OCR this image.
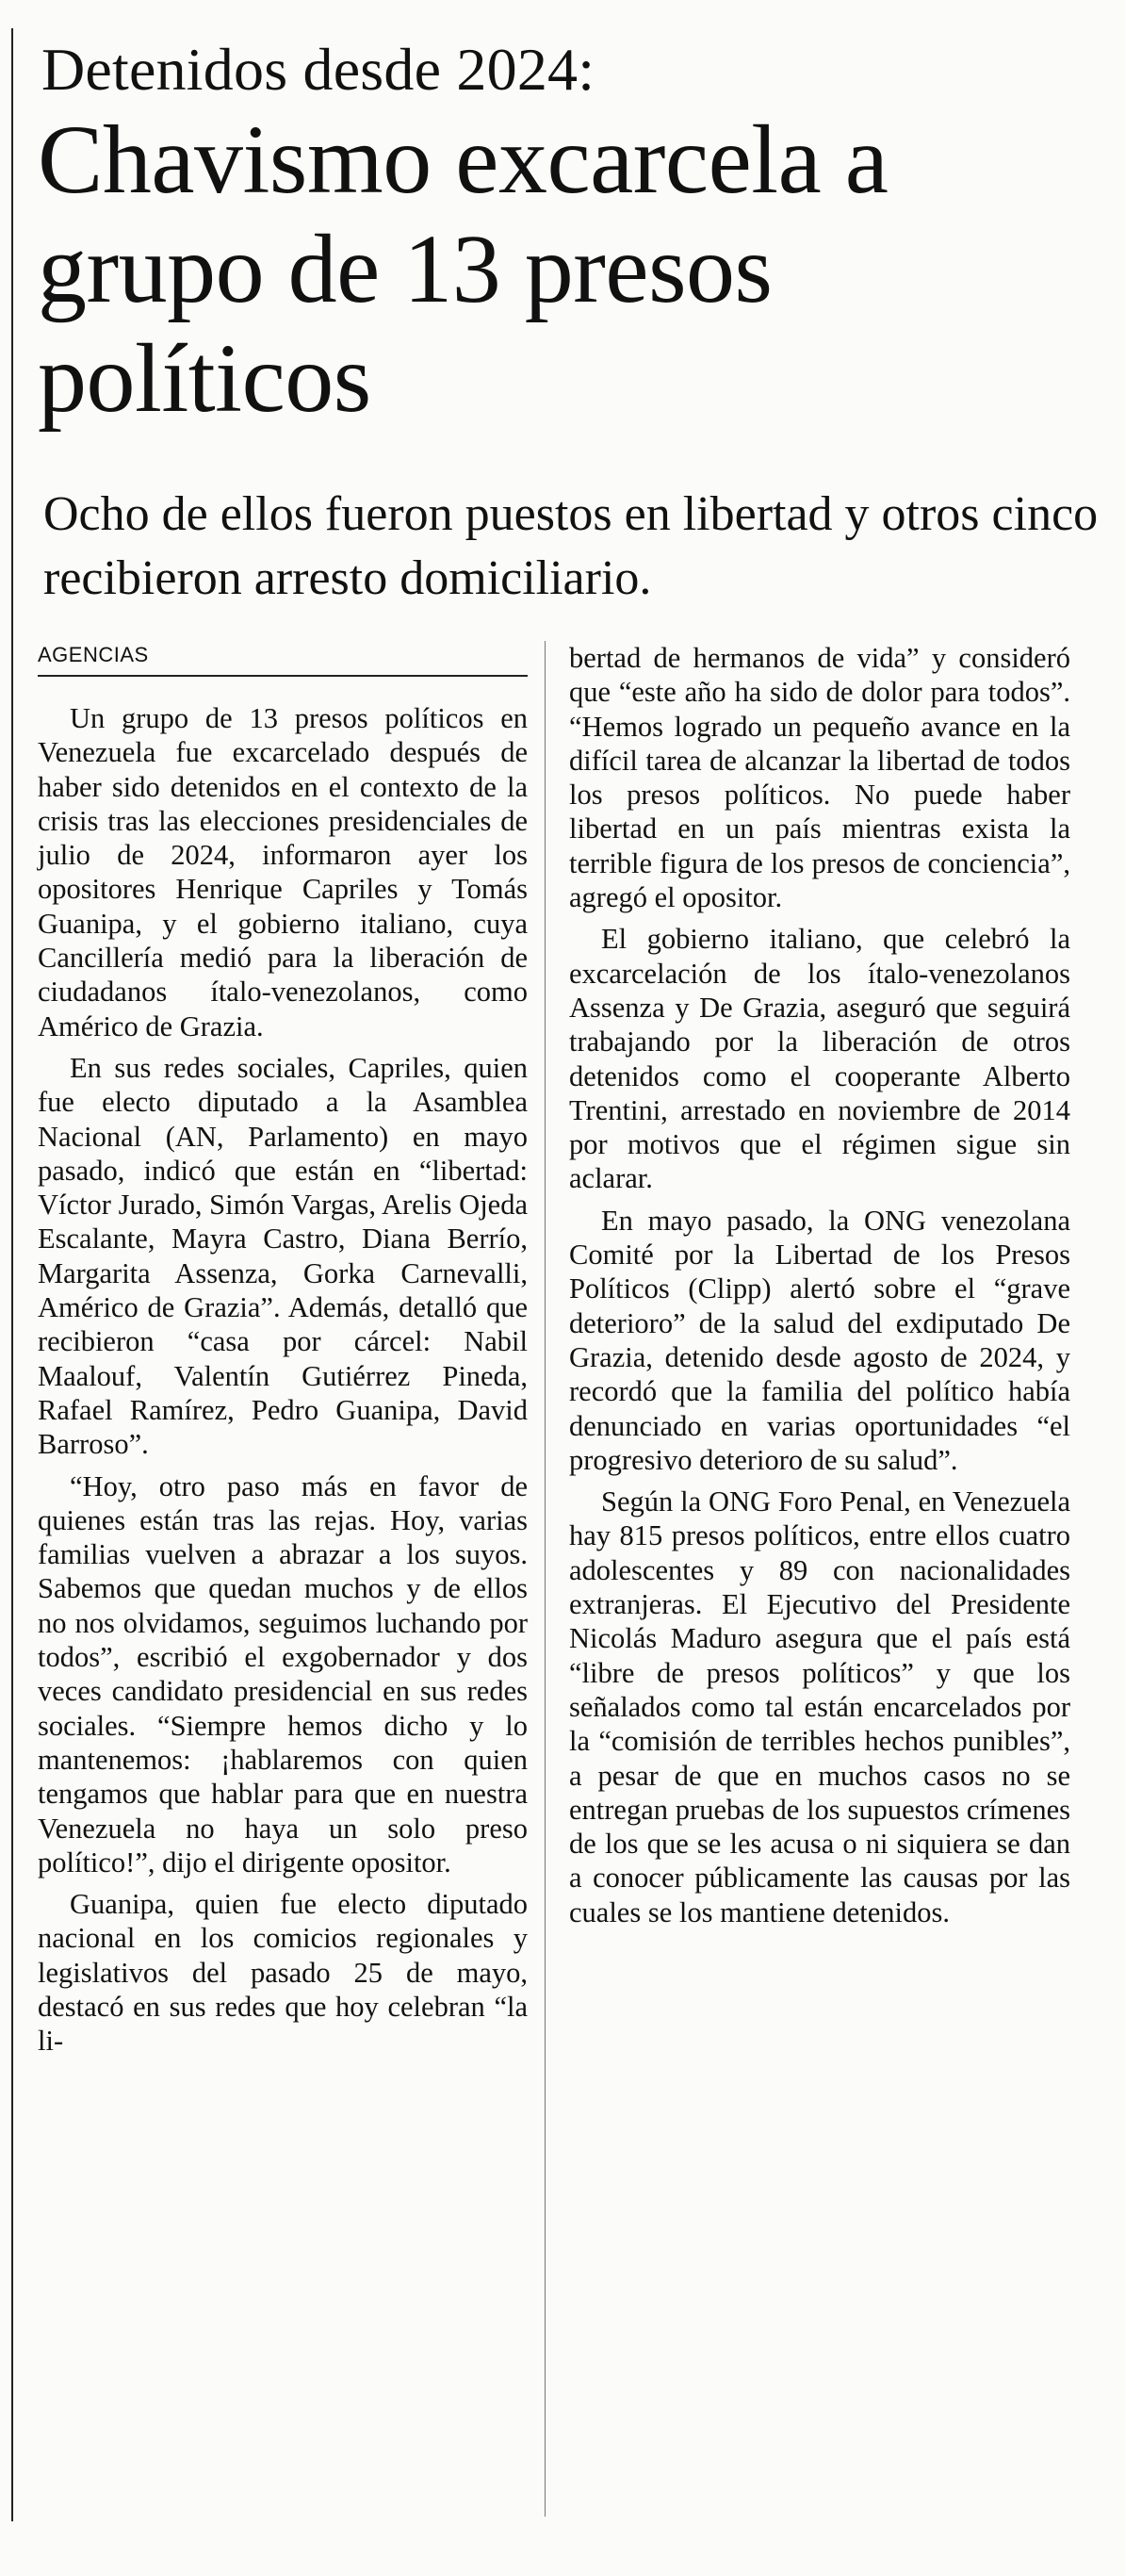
Detenidos desde 2024:
Chavismo excarcela a grupo de 13 presos políticos

Ocho de ellos fueron puestos en libertad y otros cinco recibieron arresto domiciliario.

AGENCIAS

Un grupo de 13 presos políticos en Venezuela fue excarcelado después de haber sido detenidos en el contexto de la crisis tras las elecciones presidenciales de julio de 2024, informaron ayer los opositores Henrique Capriles y Tomás Guanipa, y el gobierno italiano, cuya Cancillería medió para la liberación de ciudadanos ítalo-venezolanos, como Américo de Grazia.

En sus redes sociales, Capriles, quien fue electo diputado a la Asamblea Nacional (AN, Parlamento) en mayo pasado, indicó que están en “libertad: Víctor Jurado, Simón Vargas, Arelis Ojeda Escalante, Mayra Castro, Diana Berrío, Margarita Assenza, Gorka Carnevalli, Américo de Grazia”. Además, detalló que recibieron “casa por cárcel: Nabil Maalouf, Valentín Gutiérrez Pineda, Rafael Ramírez, Pedro Guanipa, David Barroso”.

“Hoy, otro paso más en favor de quienes están tras las rejas. Hoy, varias familias vuelven a abrazar a los suyos. Sabemos que quedan muchos y de ellos no nos olvidamos, seguimos luchando por todos”, escribió el exgobernador y dos veces candidato presidencial en sus redes sociales. “Siempre hemos dicho y lo mantenemos: ¡hablaremos con quien tengamos que hablar para que en nuestra Venezuela no haya un solo preso político!”, dijo el dirigente opositor.

Guanipa, quien fue electo diputado nacional en los comicios regionales y legislativos del pasado 25 de mayo, destacó en sus redes que hoy celebran “la li-

bertad de hermanos de vida” y consideró que “este año ha sido de dolor para todos”. “Hemos logrado un pequeño avance en la difícil tarea de alcanzar la libertad de todos los presos políticos. No puede haber libertad en un país mientras exista la terrible figura de los presos de conciencia”, agregó el opositor.

El gobierno italiano, que celebró la excarcelación de los ítalo-venezolanos Assenza y De Grazia, aseguró que seguirá trabajando por la liberación de otros detenidos como el cooperante Alberto Trentini, arrestado en noviembre de 2014 por motivos que el régimen sigue sin aclarar.

En mayo pasado, la ONG venezolana Comité por la Libertad de los Presos Políticos (Clipp) alertó sobre el “grave deterioro” de la salud del exdiputado De Grazia, detenido desde agosto de 2024, y recordó que la familia del político había denunciado en varias oportunidades “el progresivo deterioro de su salud”.

Según la ONG Foro Penal, en Venezuela hay 815 presos políticos, entre ellos cuatro adolescentes y 89 con nacionalidades extranjeras. El Ejecutivo del Presidente Nicolás Maduro asegura que el país está “libre de presos políticos” y que los señalados como tal están encarcelados por la “comisión de terribles hechos punibles”, a pesar de que en muchos casos no se entregan pruebas de los supuestos crímenes de los que se les acusa o ni siquiera se dan a conocer públicamente las causas por las cuales se los mantiene detenidos.
